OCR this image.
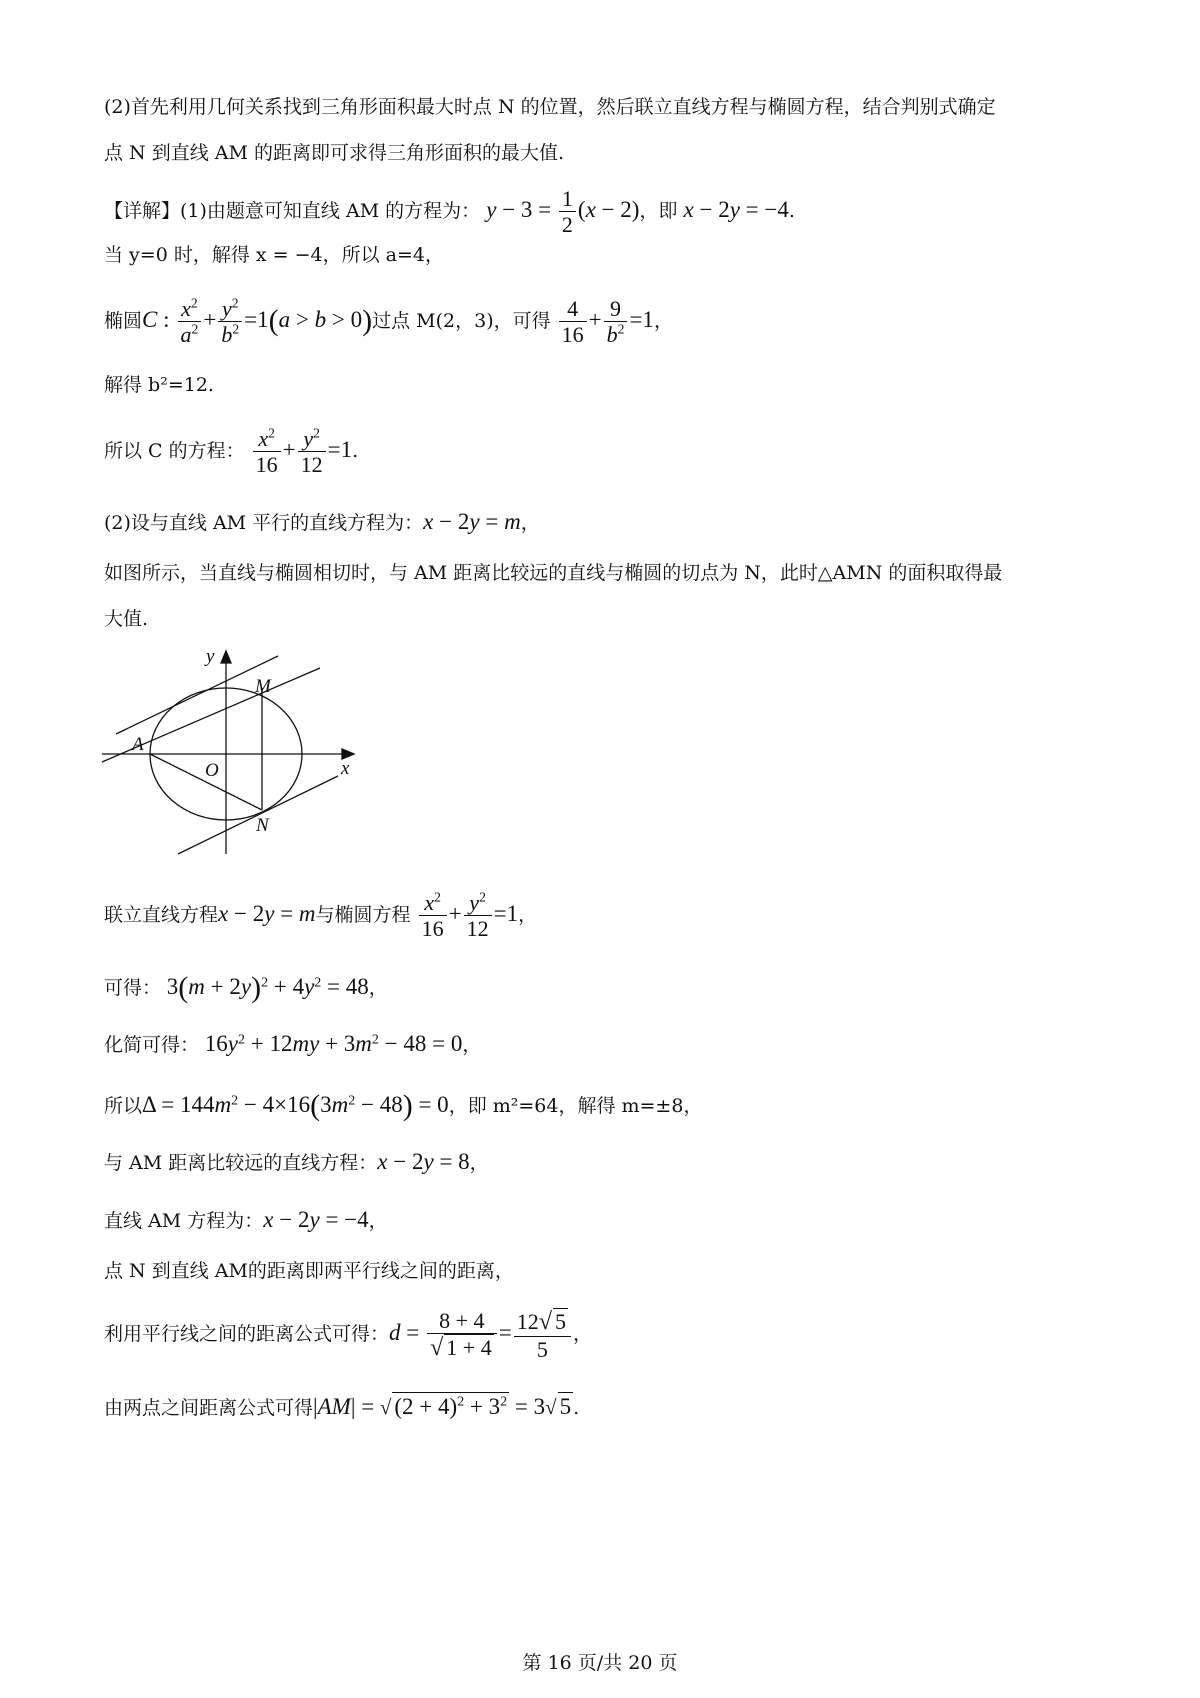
(2)首先利用几何关系找到三角形面积最大时点 N 的位置，然后联立直线方程与椭圆方程，结合判别式确定
点 N 到直线 AM 的距离即可求得三角形面积的最大值.
【详解】(1)由题意可知直线 AM 的方程为： $y - 3 = \frac{1}{2} (x - 2)$，即 x − 2y = −4.
当 y=0 时，解得 x = −4，所以 a=4，
椭圆C : $\frac{x^2}{a^2} + \frac{y^2}{b^2} =1(a > b > 0)$过点 M(2，3)，可得 $\frac{4}{16} + \frac{9}{b^2} =1$，
解得 b²=12.
所以 C 的方程： $\frac{x^2}{16} + \frac{y^2}{12} =1$.
(2)设与直线 AM 平行的直线方程为：x − 2y = m，
如图所示，当直线与椭圆相切时，与 AM 距离比较远的直线与椭圆的切点为 N，此时△AMN 的面积取得最
大值.
y
x
M
A
O
N
联立直线方程x − 2y = m与椭圆方程 $\frac{x^2}{16} + \frac{y^2}{12} =1$，
可得： $3(m + 2y)^2 + 4y^2 = 48$，
化简可得： $16y^2 + 12my + 3m^2 - 48 = 0$，
所以$\Delta = 144m^2 - 4\times 16(3m^2 - 48) = 0$，即 m²=64，解得 m=±8，
与 AM 距离比较远的直线方程：x − 2y = 8，
直线 AM 方程为：x − 2y = −4，
点 N 到直线 AM的距离即两平行线之间的距离，
利用平行线之间的距离公式可得：$d = \frac{8 + 4}{√ 1 + 4} = \frac{12√ 5}{5}$ ，
由两点之间距离公式可得|AM| = √ $(2 + 4)^2 + 3^2 = 3√$ 5 .
第 16 页/共 20 页
